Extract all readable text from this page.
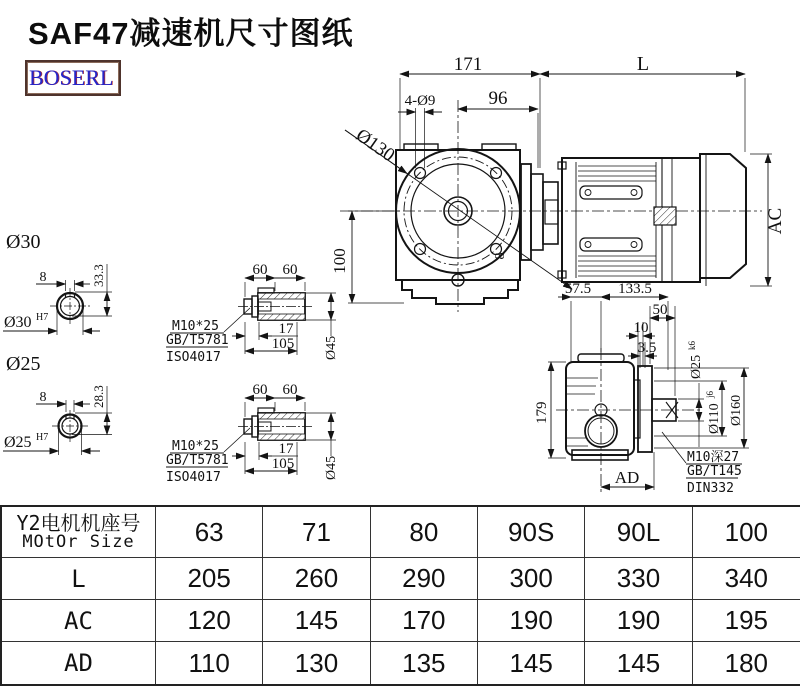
SAF47减速机尺寸图纸
BOSERL
171	L
96
4-Ø9
Ø130
100	8
AC
57.5 133.5
50
10
3.5
Ø25
k6
Ø110
j6
Ø160
179
AD
M10深27
GB/T145
DIN332
Ø30
8	33.3
Ø30 H7
Ø25
8	28.3
Ø25 H7
60 60
17
105 Ø45
M10*25
GB/T5781
ISO4017
60 60
17
105 Ø45
M10*25
GB/T5781
ISO4017
Y2电机机座号
MOtOr Size	63	71	80	90S	90L	100
L	205	260	290	300	330	340
AC	120	145	170	190	190	195
AD	110	130	135	145	145	180
